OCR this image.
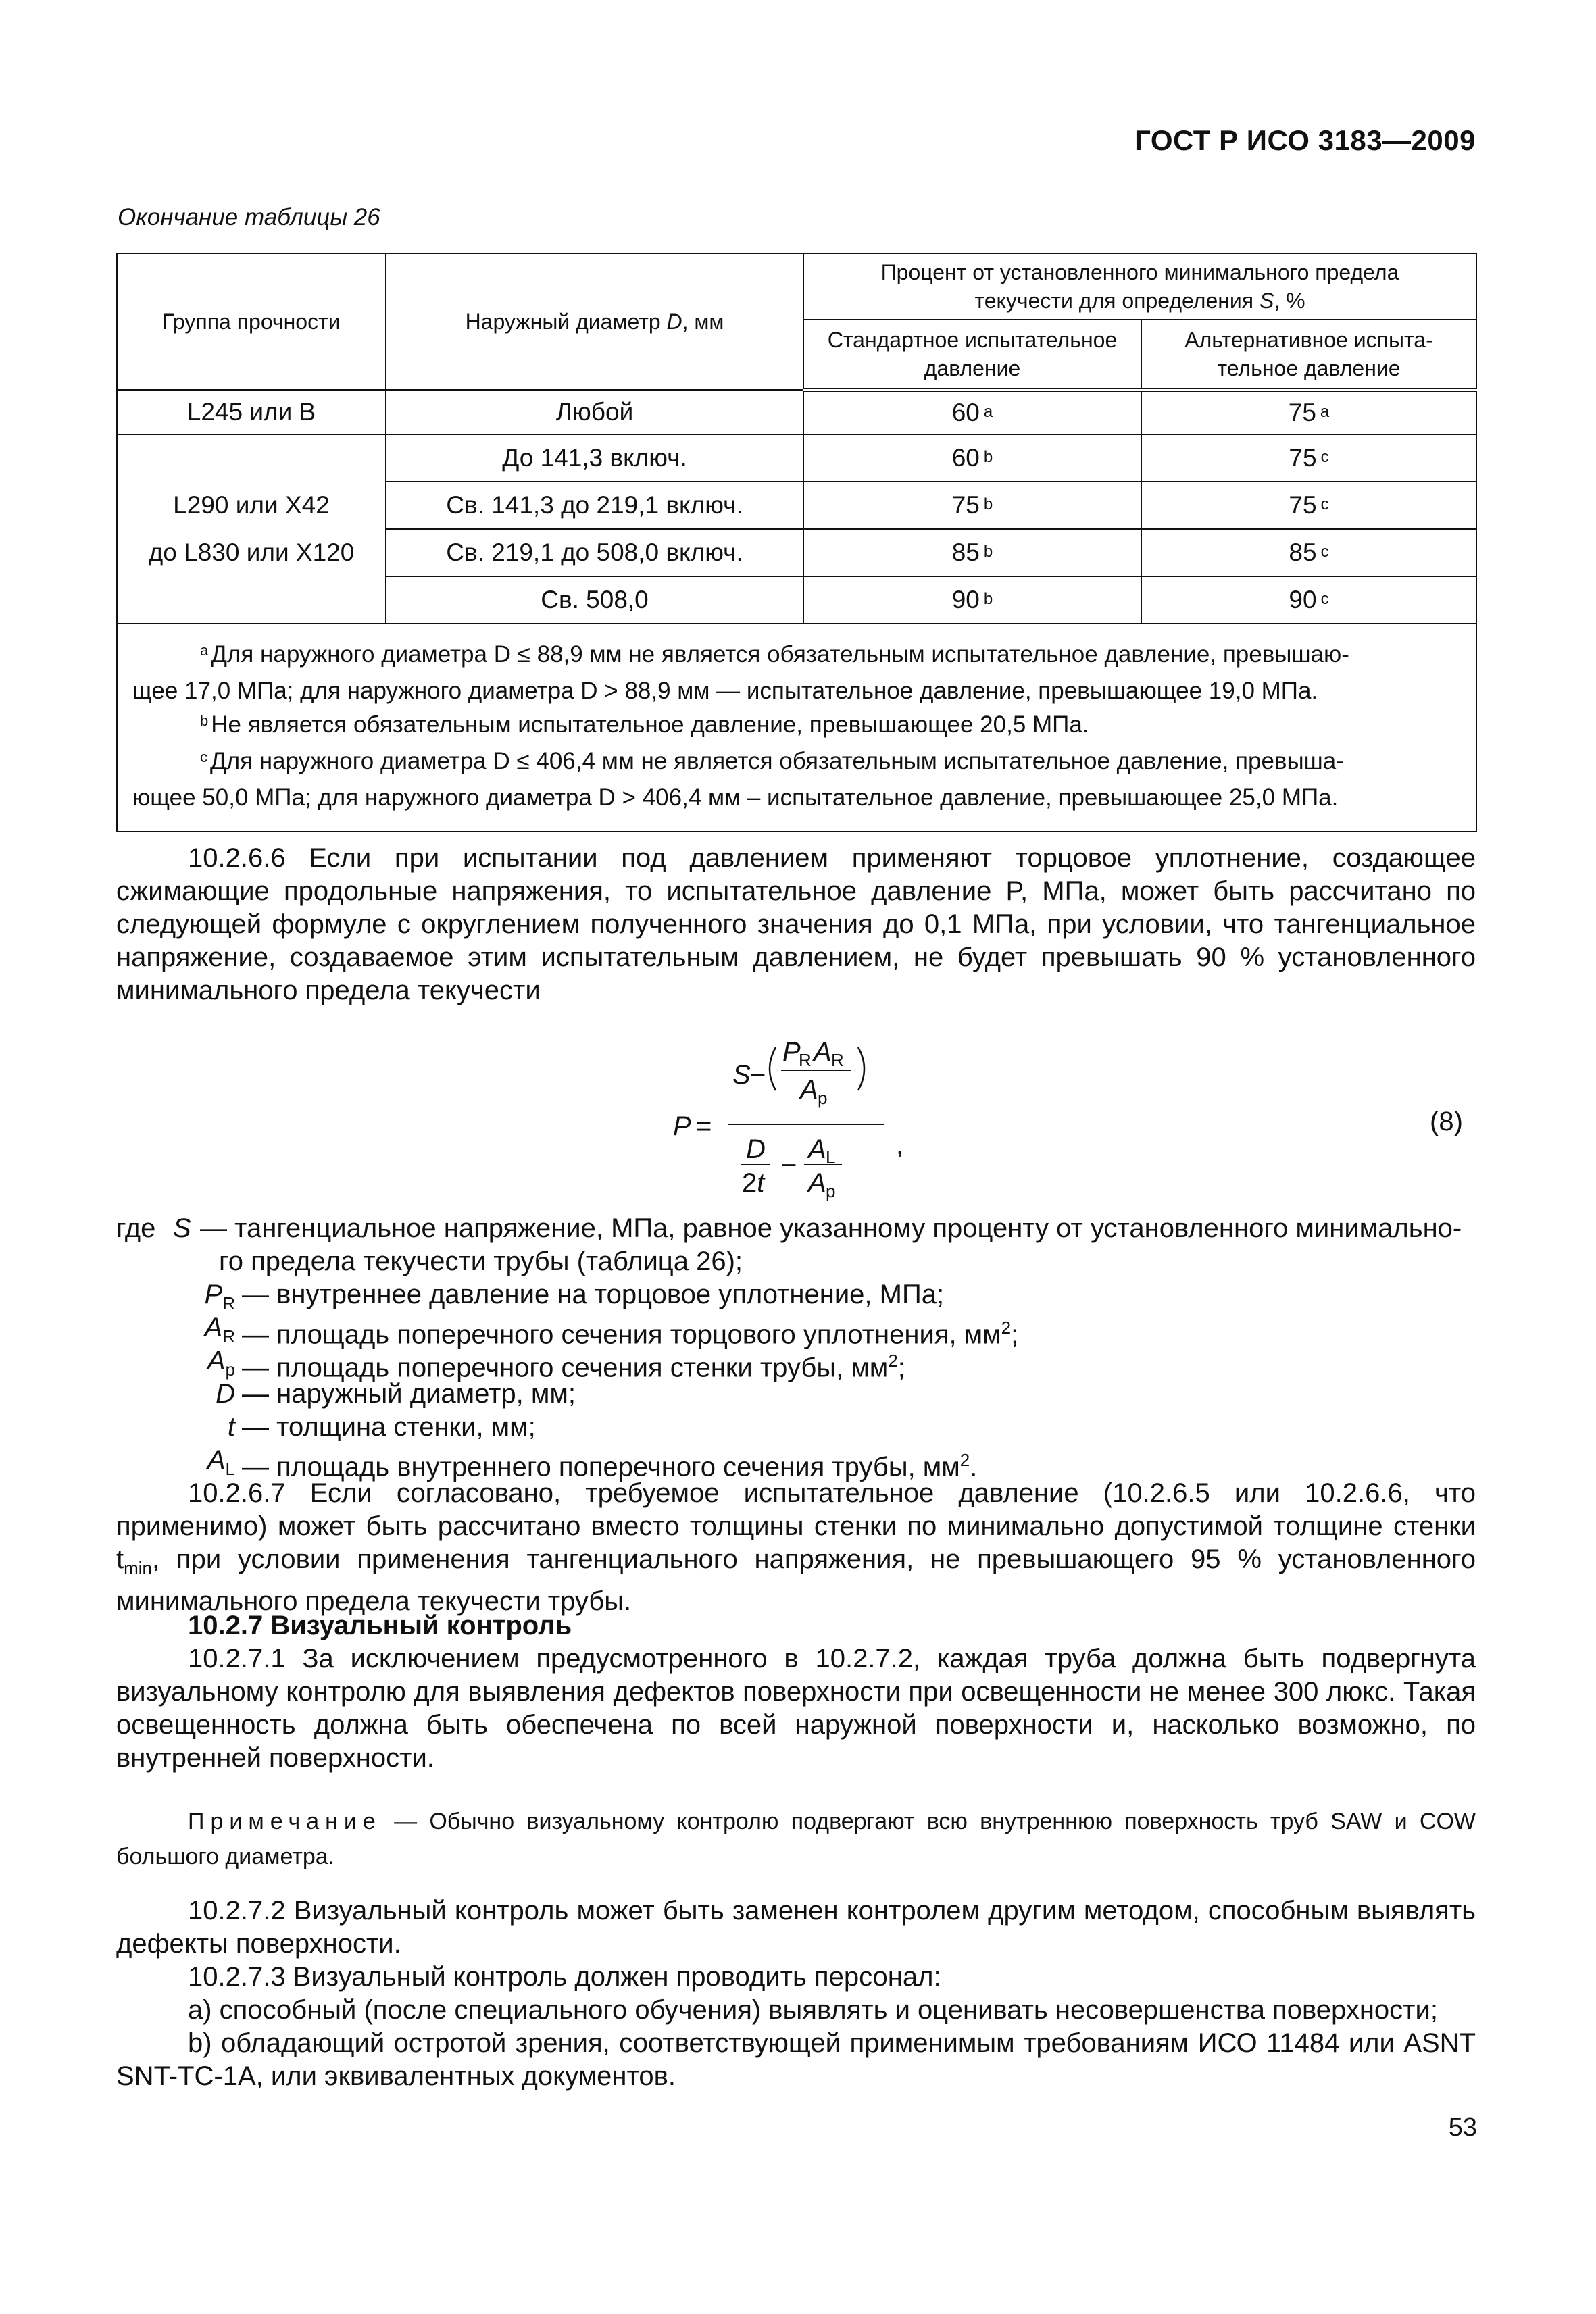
ГОСТ Р ИСО 3183—2009
Окончание таблицы 26
Группа прочности	Наружный диаметр D, мм	Процент от установленного минимального предела текучести для определения S, %	
		Стандартное испытательное давление	Альтернативное испыта-тельное давление
L245 или В	Любой	60 $^a$	75 $^a$

L290 или Х42
до L830 или Х120	До 141,3 включ.	60 $^b$	75 $^c$
	Св. 141,3 до 219,1 включ.	75 $^b$	75 $^c$
	Св. 219,1 до 508,0 включ.	85 $^b$	85 $^c$
	Св. 508,0	90 $^b$	90 $^c$

$^a$ Для наружного диаметра D ≤ 88,9 мм не является обязательным испытательное давление, превышаю-

щее 17,0 МПа; для наружного диаметра D > 88,9 мм — испытательное давление, превышающее 19,0 МПа.

$^b$ Не является обязательным испытательное давление, превышающее 20,5 МПа.

$^c$ Для наружного диаметра D ≤ 406,4 мм не является обязательным испытательное давление, превыша-

ющее 50,0 МПа; для наружного диаметра D > 406,4 мм – испытательное давление, превышающее 25,0 МПа.			

10.2.6.6 Если при испытании под давлением применяют торцовое уплотнение, создающее сжимающие продольные напряжения, то испытательное давление P, МПа, может быть рассчитано по следующей формуле с округлением полученного значения до 0,1 МПа, при условии, что тангенциальное напряжение, создаваемое этим испытательным давлением, не будет превышать 90 % установленного минимального предела текучести

P =
S −
P
R A R
A p
D
2t
−
A L
A p
,
(8)
где S — тангенциальное напряжение, МПа, равное указанному проценту от установленного минимально-
го предела текучести трубы (таблица 26);
$P_R$ — внутреннее давление на торцовое уплотнение, МПа;
$A_R$ — площадь поперечного сечения торцового уплотнения, $мм^2$;
$A_p$ — площадь поперечного сечения стенки трубы, $мм^2$;
D — наружный диаметр, мм;
t — толщина стенки, мм;
$A_L$ — площадь внутреннего поперечного сечения трубы, $мм^2$.

10.2.6.7 Если согласовано, требуемое испытательное давление (10.2.6.5 или 10.2.6.6, что применимо) может быть рассчитано вместо толщины стенки по минимально допустимой толщине стенки $t_{min}$, при условии применения тангенциального напряжения, не превышающего 95 % установленного минимального предела текучести трубы.

10.2.7 Визуальный контроль

10.2.7.1 За исключением предусмотренного в 10.2.7.2, каждая труба должна быть подвергнута визуальному контролю для выявления дефектов поверхности при освещенности не менее 300 люкс. Такая освещенность должна быть обеспечена по всей наружной поверхности и, насколько возможно, по внутренней поверхности.

Примечание — Обычно визуальному контролю подвергают всю внутреннюю поверхность труб SAW и COW большого диаметра.

10.2.7.2 Визуальный контроль может быть заменен контролем другим методом, способным выявлять дефекты поверхности.

10.2.7.3 Визуальный контроль должен проводить персонал:

а) способный (после специального обучения) выявлять и оценивать несовершенства поверхности;

b) обладающий остротой зрения, соответствующей применимым требованиям ИСО 11484 или ASNT SNT-TC-1A, или эквивалентных документов.

53
